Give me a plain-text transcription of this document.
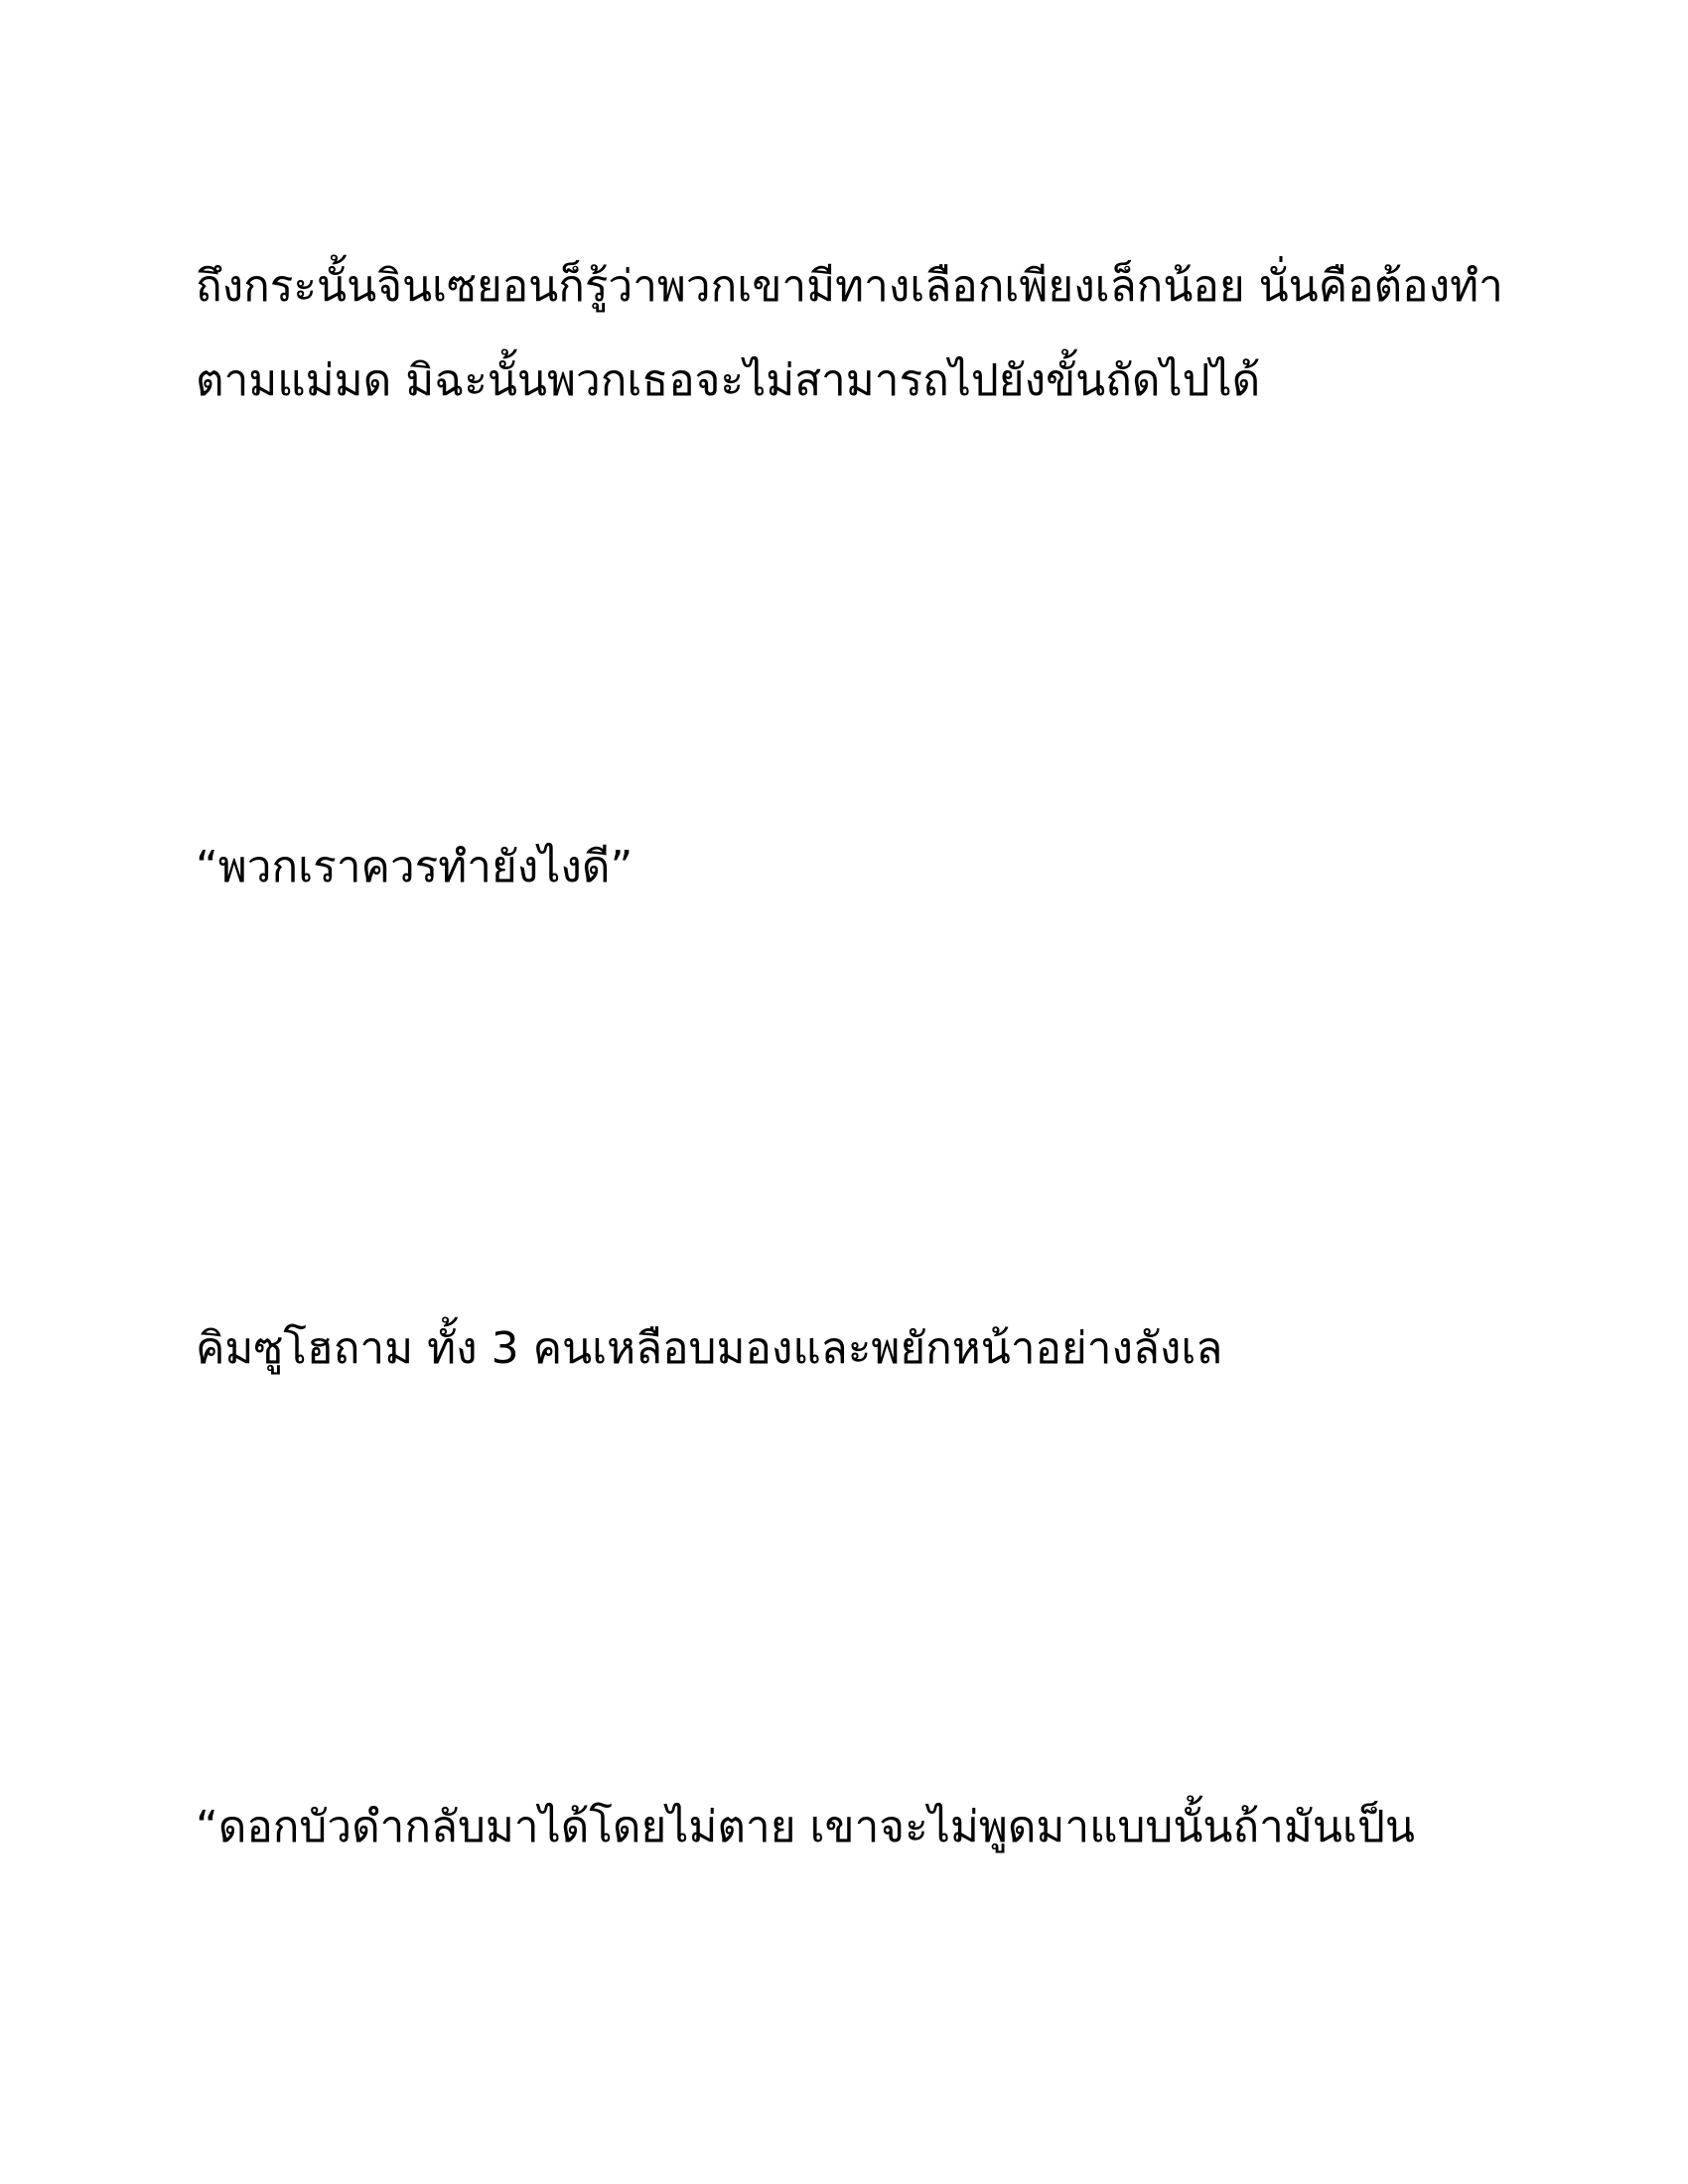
ถึงกระนั้นจินเซยอนก็รู้ว่าพวกเขามีทางเลือกเพียงเล็กน้อย นั่นคือต้องทำ

ตามแม่มด มิฉะนั้นพวกเธอจะไม่สามารถไปยังขั้นถัดไปได้

“พวกเราควรทำยังไงดี”

คิมซูโฮถาม ทั้ง 3 คนเหลือบมองและพยักหน้าอย่างลังเล

“ดอกบัวดำกลับมาได้โดยไม่ตาย เขาจะไม่พูดมาแบบนั้นถ้ามันเป็น
